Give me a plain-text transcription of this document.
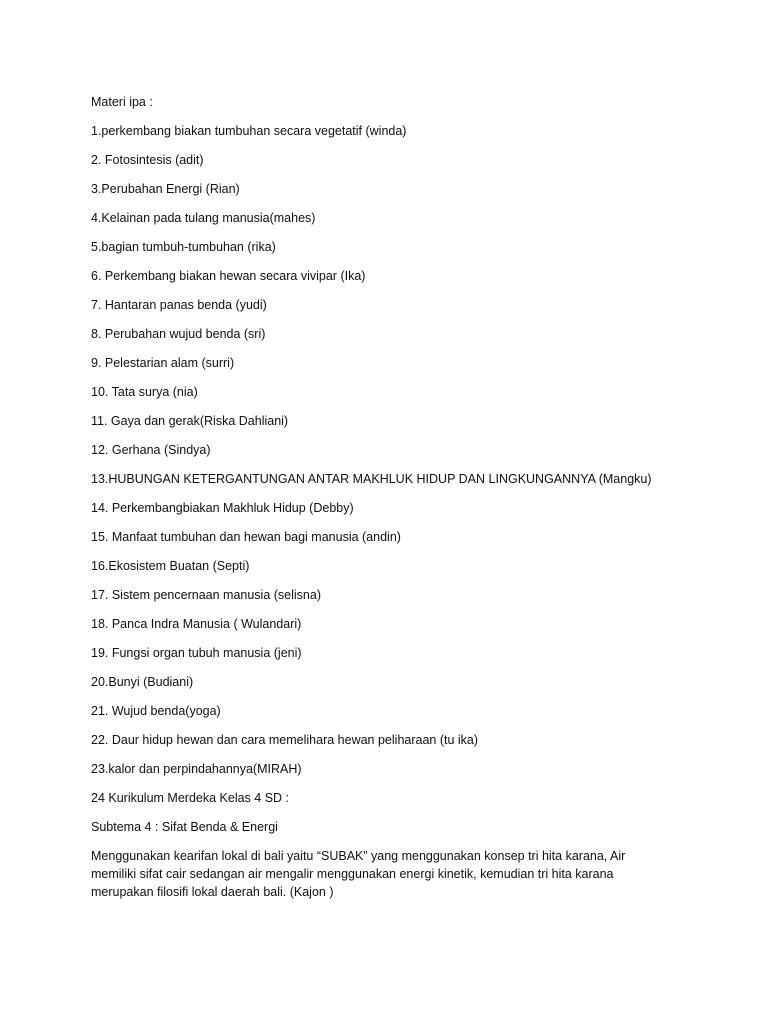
Materi ipa :
1.perkembang biakan tumbuhan secara vegetatif (winda)
2. Fotosintesis (adit)
3.Perubahan Energi (Rian)
4.Kelainan pada tulang manusia(mahes)
5.bagian tumbuh-tumbuhan (rika)
6. Perkembang biakan hewan secara vivipar (Ika)
7. Hantaran panas benda (yudi)
8. Perubahan wujud benda (sri)
9. Pelestarian alam (surri)
10. Tata surya (nia)
11. Gaya dan gerak(Riska Dahliani)
12. Gerhana (Sindya)
13.HUBUNGAN KETERGANTUNGAN ANTAR MAKHLUK HIDUP DAN LINGKUNGANNYA (Mangku)
14. Perkembangbiakan Makhluk Hidup (Debby)
15. Manfaat tumbuhan dan hewan bagi manusia (andin)
16.Ekosistem Buatan (Septi)
17. Sistem pencernaan manusia (selisna)
18. Panca Indra Manusia ( Wulandari)
19. Fungsi organ tubuh manusia (jeni)
20.Bunyi (Budiani)
21. Wujud benda(yoga)
22. Daur hidup hewan dan cara memelihara hewan peliharaan (tu ika)
23.kalor dan perpindahannya(MIRAH)
24 Kurikulum Merdeka Kelas 4 SD :
Subtema 4 : Sifat Benda & Energi
Menggunakan kearifan lokal di bali yaitu “SUBAK” yang menggunakan konsep tri hita karana, Air
memiliki sifat cair sedangan air mengalir menggunakan energi kinetik, kemudian tri hita karana
merupakan filosifi lokal daerah bali. (Kajon )
